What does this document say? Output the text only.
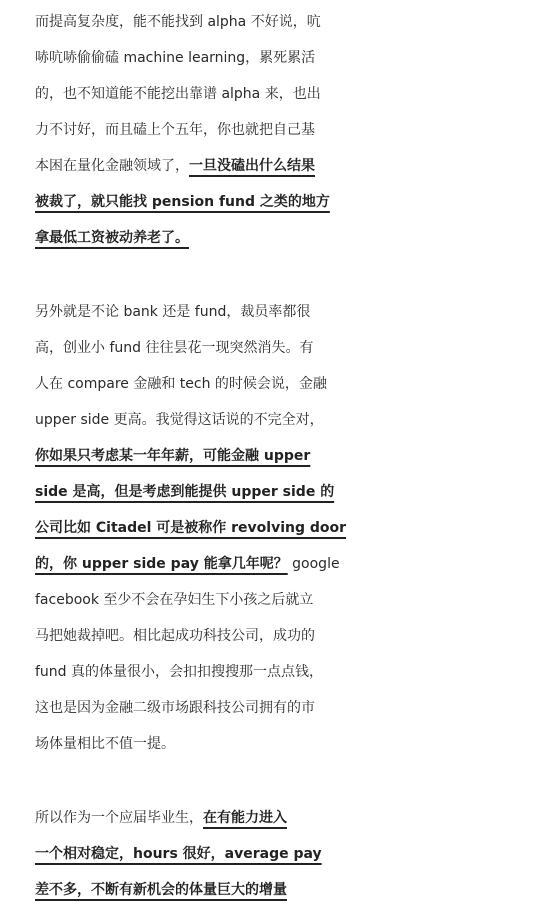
而提高复杂度，能不能找到 alpha 不好说，吭
哧吭哧偷偷磕 machine learning，累死累活
的，也不知道能不能挖出靠谱 alpha 来，也出
力不讨好，而且磕上个五年，你也就把自己基
本困在量化金融领域了，一旦没磕出什么结果
被裁了，就只能找 pension fund 之类的地方
拿最低工资被动养老了。
另外就是不论 bank 还是 fund，裁员率都很
高，创业小 fund 往往昙花一现突然消失。有
人在 compare 金融和 tech 的时候会说，金融
upper side 更高。我觉得这话说的不完全对，
你如果只考虑某一年年薪，可能金融 upper
side 是高，但是考虑到能提供 upper side 的
公司比如 Citadel 可是被称作 revolving door
的，你 upper side pay 能拿几年呢？ google
facebook 至少不会在孕妇生下小孩之后就立
马把她裁掉吧。相比起成功科技公司，成功的
fund 真的体量很小，会扣扣搜搜那一点点钱，
这也是因为金融二级市场跟科技公司拥有的市
场体量相比不值一提。
所以作为一个应届毕业生，在有能力进入
一个相对稳定，hours 很好，average pay
差不多，不断有新机会的体量巨大的增量
